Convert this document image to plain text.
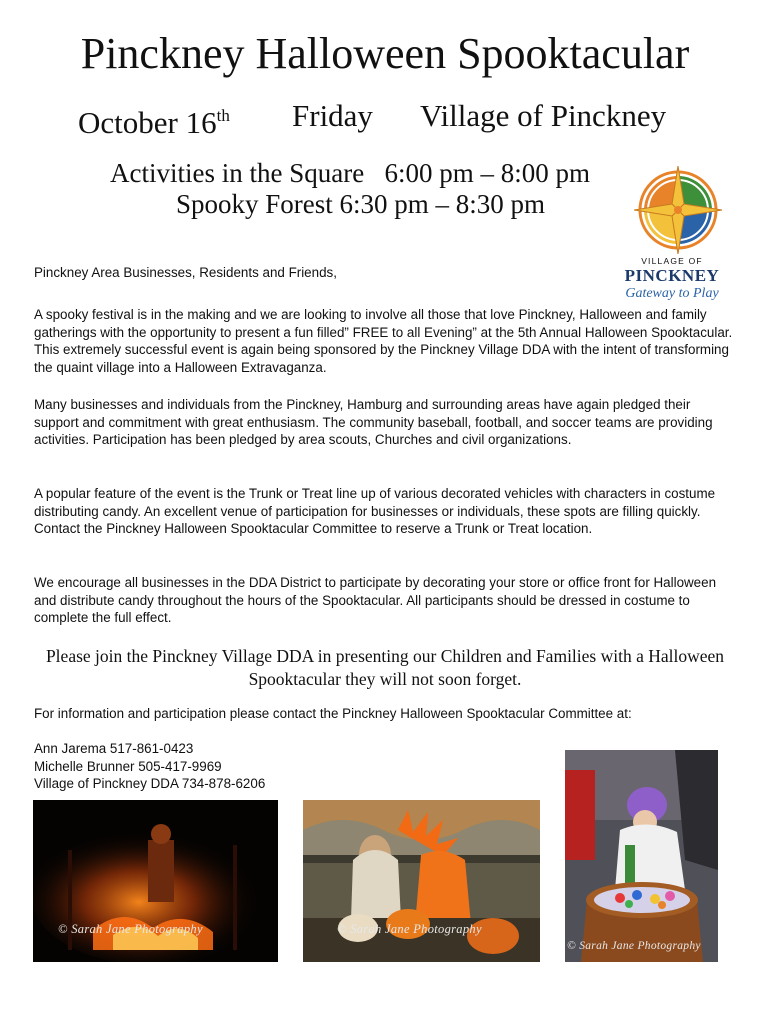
Pinckney Halloween Spooktacular
October 16th Friday Village of Pinckney
Activities in the Square   6:00 pm – 8:00 pm
Spooky Forest 6:30 pm – 8:30 pm
VILLAGE OF
PINCKNEY
Gateway to Play
Pinckney Area Businesses, Residents and Friends,
A spooky festival is in the making and we are looking to involve all those that love Pinckney, Halloween and family gatherings with the opportunity to present a fun filled” FREE to all Evening” at the 5th Annual Halloween Spooktacular. This extremely successful event is again being sponsored by the Pinckney Village DDA with the intent of transforming the quaint village into a Halloween Extravaganza.
Many businesses and individuals from the Pinckney, Hamburg and surrounding areas have again pledged their support and commitment with great enthusiasm. The community baseball, football, and soccer teams are providing activities. Participation has been pledged by area scouts, Churches and civil organizations.
A popular feature of the event is the Trunk or Treat line up of various decorated vehicles with characters in costume distributing candy. An excellent venue of participation for businesses or individuals, these spots are filling quickly. Contact the Pinckney Halloween Spooktacular Committee to reserve a Trunk or Treat location.
We encourage all businesses in the DDA District to participate by decorating your store or office front for Halloween and distribute candy throughout the hours of the Spooktacular. All participants should be dressed in costume to complete the full effect.
Please join the Pinckney Village DDA in presenting our Children and Families with a Halloween Spooktacular they will not soon forget.
For information and participation please contact the Pinckney Halloween Spooktacular Committee at:
Ann Jarema 517-861-0423
Michelle Brunner 505-417-9969
Village of Pinckney DDA 734-878-6206
© Sarah Jane Photography	© Sarah Jane Photography
© Sarah Jane Photography
